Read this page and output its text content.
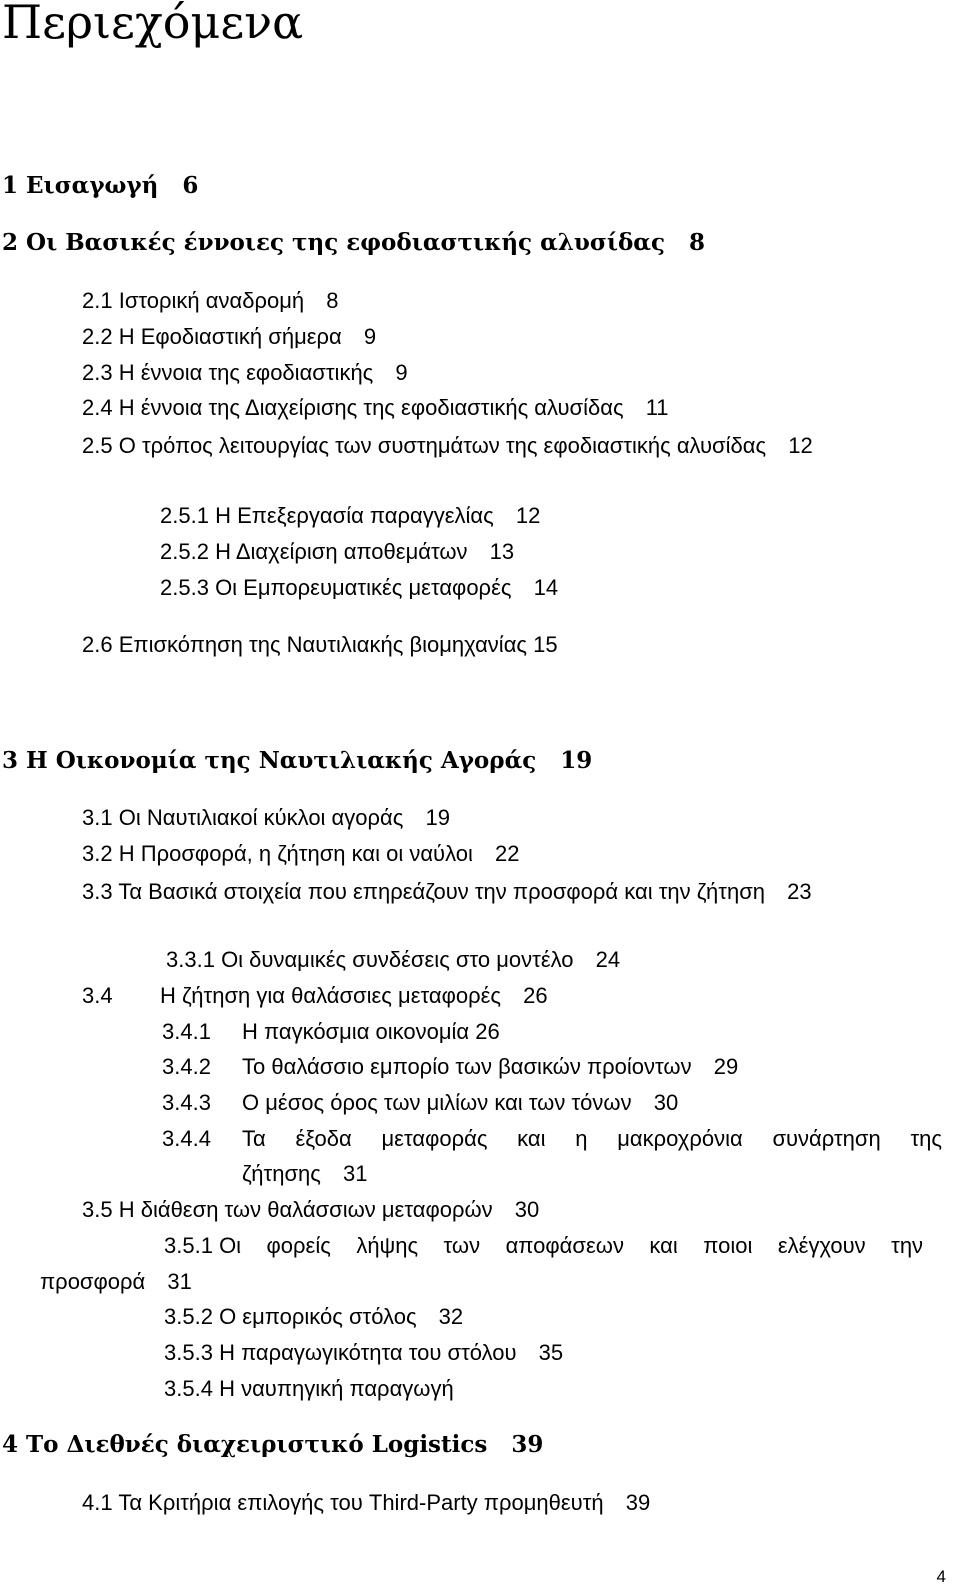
Περιεχόμενα
1 Εισαγωγή 6
2 Οι Βασικές έννοιες της εφοδιαστικής αλυσίδας 8
2.1 Ιστορική αναδρομή 8
2.2 Η Εφοδιαστική σήμερα 9
2.3 Η έννοια της εφοδιαστικής 9
2.4 Η έννοια της Διαχείρισης της εφοδιαστικής αλυσίδας 11
2.5 Ο τρόπος λειτουργίας των συστημάτων της εφοδιαστικής αλυσίδας 12
2.5.1 Η Επεξεργασία παραγγελίας 12
2.5.2 Η Διαχείριση αποθεμάτων 13
2.5.3 Οι Εμπορευματικές μεταφορές 14
2.6 Επισκόπηση της Ναυτιλιακής βιομηχανίας 15
3 Η Οικονομία της Ναυτιλιακής Αγοράς 19
3.1 Οι Ναυτιλιακοί κύκλοι αγοράς 19
3.2 Η Προσφορά, η ζήτηση και οι ναύλοι 22
3.3 Τα Βασικά στοιχεία που επηρεάζουν την προσφορά και την ζήτηση 23
3.3.1 Οι δυναμικές συνδέσεις στο μοντέλο 24
3.4 Η ζήτηση για θαλάσσιες μεταφορές 26
3.4.1 Η παγκόσμια οικονομία 26
3.4.2 Το θαλάσσιο εμπορίο των βασικών προίοντων 29
3.4.3 Ο μέσος όρος των μιλίων και των τόνων 30
3.4.4 Τα έξοδα μεταφοράς και η μακροχρόνια συνάρτηση της
ζήτησης 31
3.5 Η διάθεση των θαλάσσιων μεταφορών 30
3.5.1 Οι φορείς λήψης των αποφάσεων και ποιοι ελέγχουν την
προσφορά 31
3.5.2 Ο εμπορικός στόλος 32
3.5.3 Η παραγωγικότητα του στόλου 35
3.5.4 Η ναυπηγική παραγωγή
4 Το Διεθνές διαχειριστικό Logistics 39
4.1 Τα Κριτήρια επιλογής του Third-Party προμηθευτή 39
4
